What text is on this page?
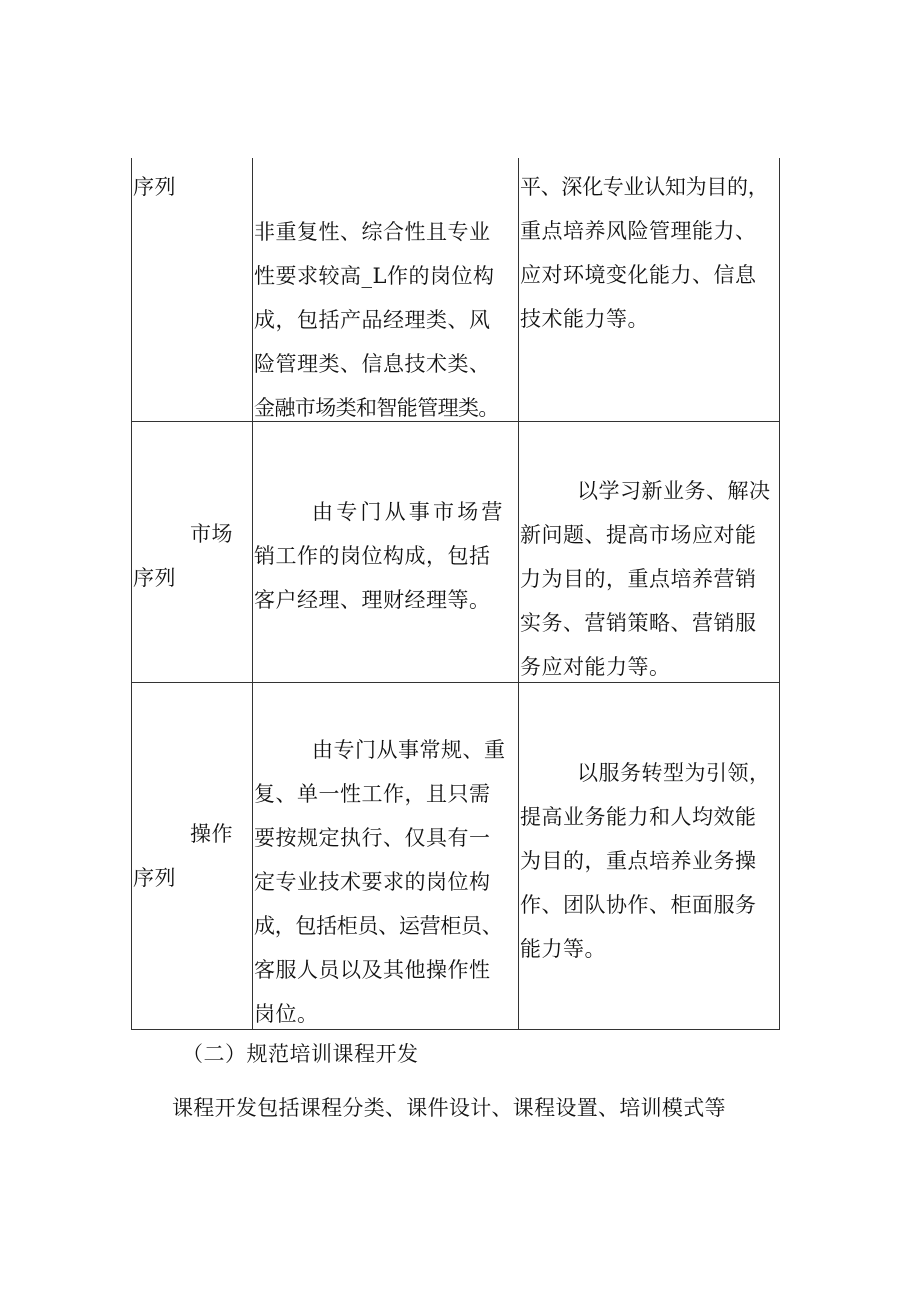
序列
非重复性、综合性且专业
性要求较高_L作的岗位构
成，包括产品经理类、风
险管理类、信息技术类、
金融市场类和智能管理类。
平、深化专业认知为目的，
重点培养风险管理能力、
应对环境变化能力、信息
技术能力等。
市场
序列
由专门从事市场营
销工作的岗位构成，包括
客户经理、理财经理等。
以学习新业务、解决
新问题、提高市场应对能
力为目的，重点培养营销
实务、营销策略、营销服
务应对能力等。
操作
序列
由专门从事常规、重
复、单一性工作，且只需
要按规定执行、仅具有一
定专业技术要求的岗位构
成，包括柜员、运营柜员、
客服人员以及其他操作性
岗位。
以服务转型为引领，
提高业务能力和人均效能
为目的，重点培养业务操
作、团队协作、柜面服务
能力等。
（二）规范培训课程开发
课程开发包括课程分类、课件设计、课程设置、培训模式等
